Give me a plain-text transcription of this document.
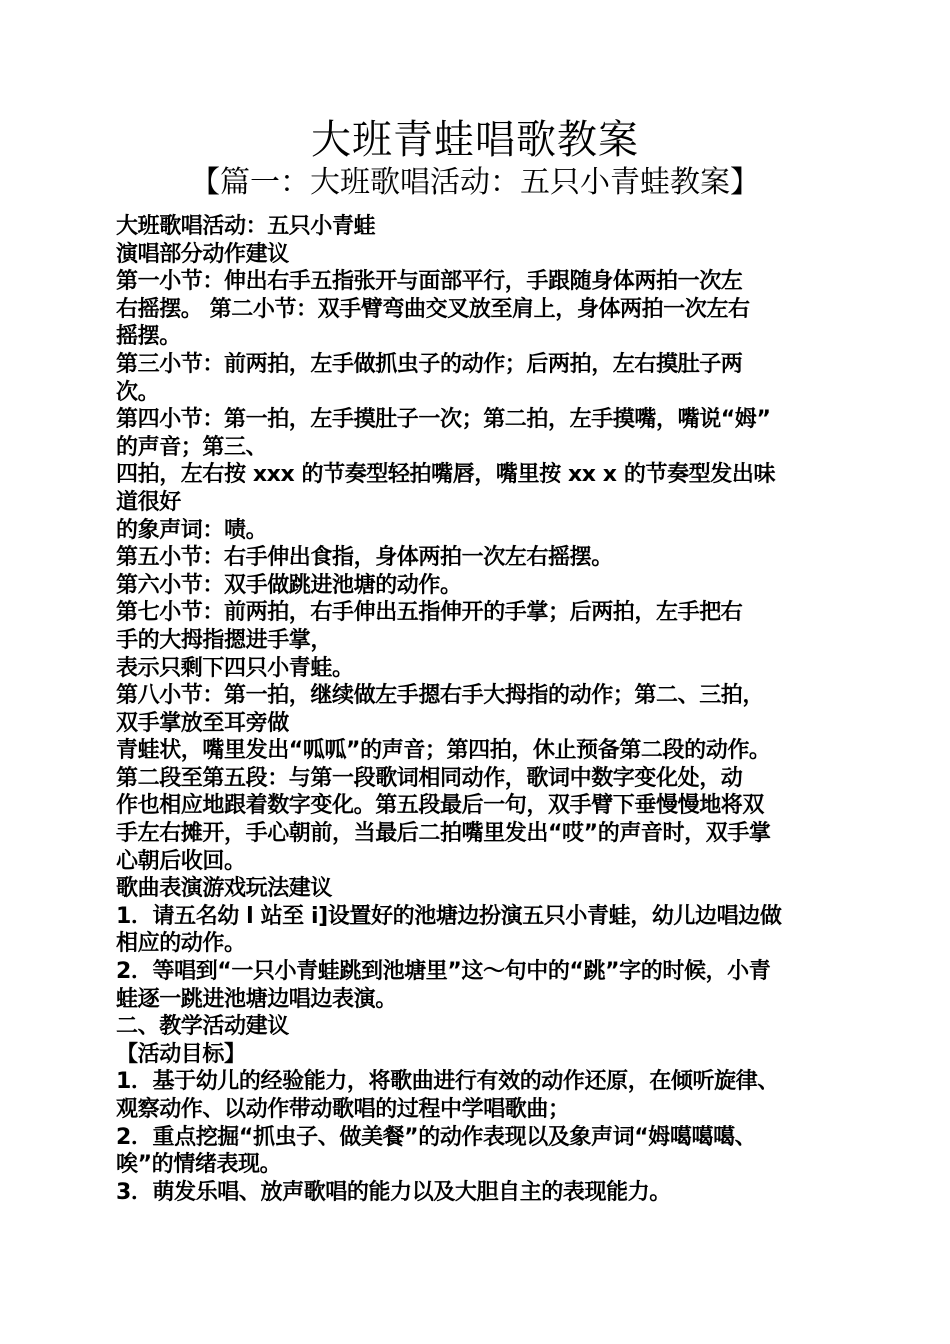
大班青蛙唱歌教案
【篇一：大班歌唱活动：五只小青蛙教案】
大班歌唱活动：五只小青蛙
演唱部分动作建议
第一小节：伸出右手五指张开与面部平行，手跟随身体两拍一次左
右摇摆。 第二小节：双手臂弯曲交叉放至肩上，身体两拍一次左右
摇摆。
第三小节：前两拍，左手做抓虫子的动作；后两拍，左右摸肚子两
次。
第四小节：第一拍，左手摸肚子一次；第二拍，左手摸嘴，嘴说“姆”
的声音；第三、
四拍，左右按 xxx 的节奏型轻拍嘴唇，嘴里按 xx x 的节奏型发出味
道很好
的象声词：啧。
第五小节：右手伸出食指，身体两拍一次左右摇摆。
第六小节：双手做跳进池塘的动作。
第七小节：前两拍，右手伸出五指伸开的手掌；后两拍，左手把右
手的大拇指摁进手掌，
表示只剩下四只小青蛙。
第八小节：第一拍，继续做左手摁右手大拇指的动作；第二、三拍，
双手掌放至耳旁做
青蛙状，嘴里发出“呱呱”的声音；第四拍，休止预备第二段的动作。
第二段至第五段：与第一段歌词相同动作，歌词中数字变化处，动
作也相应地跟着数字变化。第五段最后一句，双手臂下垂慢慢地将双
手左右摊开，手心朝前，当最后二拍嘴里发出“哎”的声音时，双手掌
心朝后收回。
歌曲表演游戏玩法建议
1．请五名幼 l 站至 i]设置好的池塘边扮演五只小青蛙，幼儿边唱边做
相应的动作。
2．等唱到“一只小青蛙跳到池塘里”这～句中的“跳”字的时候，小青
蛙逐一跳进池塘边唱边表演。
二、教学活动建议
【活动目标】
1．基于幼儿的经验能力，将歌曲进行有效的动作还原，在倾听旋律、
观察动作、以动作带动歌唱的过程中学唱歌曲；
2．重点挖掘“抓虫子、做美餐”的动作表现以及象声词“姆噶噶噶、
唉”的情绪表现。
3．萌发乐唱、放声歌唱的能力以及大胆自主的表现能力。
